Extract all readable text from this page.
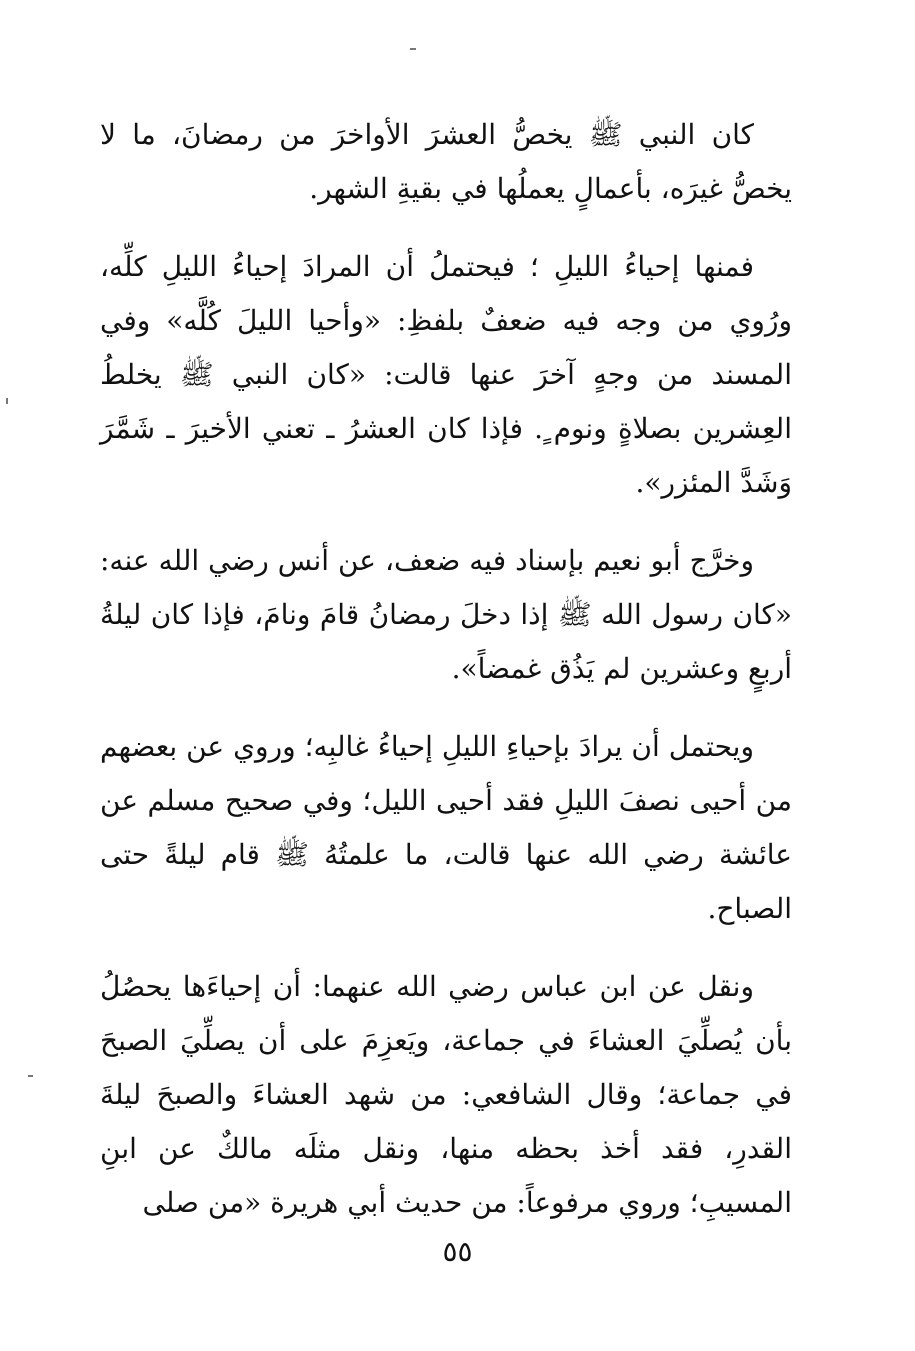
كان النبي ﷺ يخصُّ العشرَ الأواخرَ من رمضانَ، ما لا يخصُّ غيرَه، بأعمالٍ يعملُها في بقيةِ الشهر.

فمنها إحياءُ الليلِ ؛ فيحتملُ أن المرادَ إحياءُ الليلِ كلِّه، ورُوي من وجه فيه ضعفٌ بلفظِ: «وأحيا الليلَ كُلَّه» وفي المسند من وجهٍ آخرَ عنها قالت: «كان النبي ﷺ يخلطُ العِشرين بصلاةٍ ونوم ٍ. فإذا كان العشرُ ـ تعني الأخيرَ ـ شَمَّرَ وَشَدَّ المئزر».

وخرَّج أبو نعيم بإسناد فيه ضعف، عن أنس رضي الله عنه: «كان رسول الله ﷺ إذا دخلَ رمضانُ قامَ ونامَ، فإذا كان ليلةُ أربعٍ وعشرين لم يَذُق غمضاً».

ويحتمل أن يرادَ بإحياءِ الليلِ إحياءُ غالبِه؛ وروي عن بعضهم من أحيى نصفَ الليلِ فقد أحيى الليل؛ وفي صحيح مسلم عن عائشة رضي الله عنها قالت، ما علمتُهُ ﷺ قام ليلةً حتى الصباح.

ونقل عن ابن عباس رضي الله عنهما: أن إحياءَها يحصُلُ بأن يُصلِّيَ العشاءَ في جماعة، ويَعزِمَ على أن يصلِّيَ الصبحَ في جماعة؛ وقال الشافعي: من شهد العشاءَ والصبحَ ليلةَ القدرِ، فقد أخذ بحظه منها، ونقل مثلَه مالكٌ عن ابنِ المسيبِ؛ وروي مرفوعاً: من حديث أبي هريرة «من صلى

٥٥
